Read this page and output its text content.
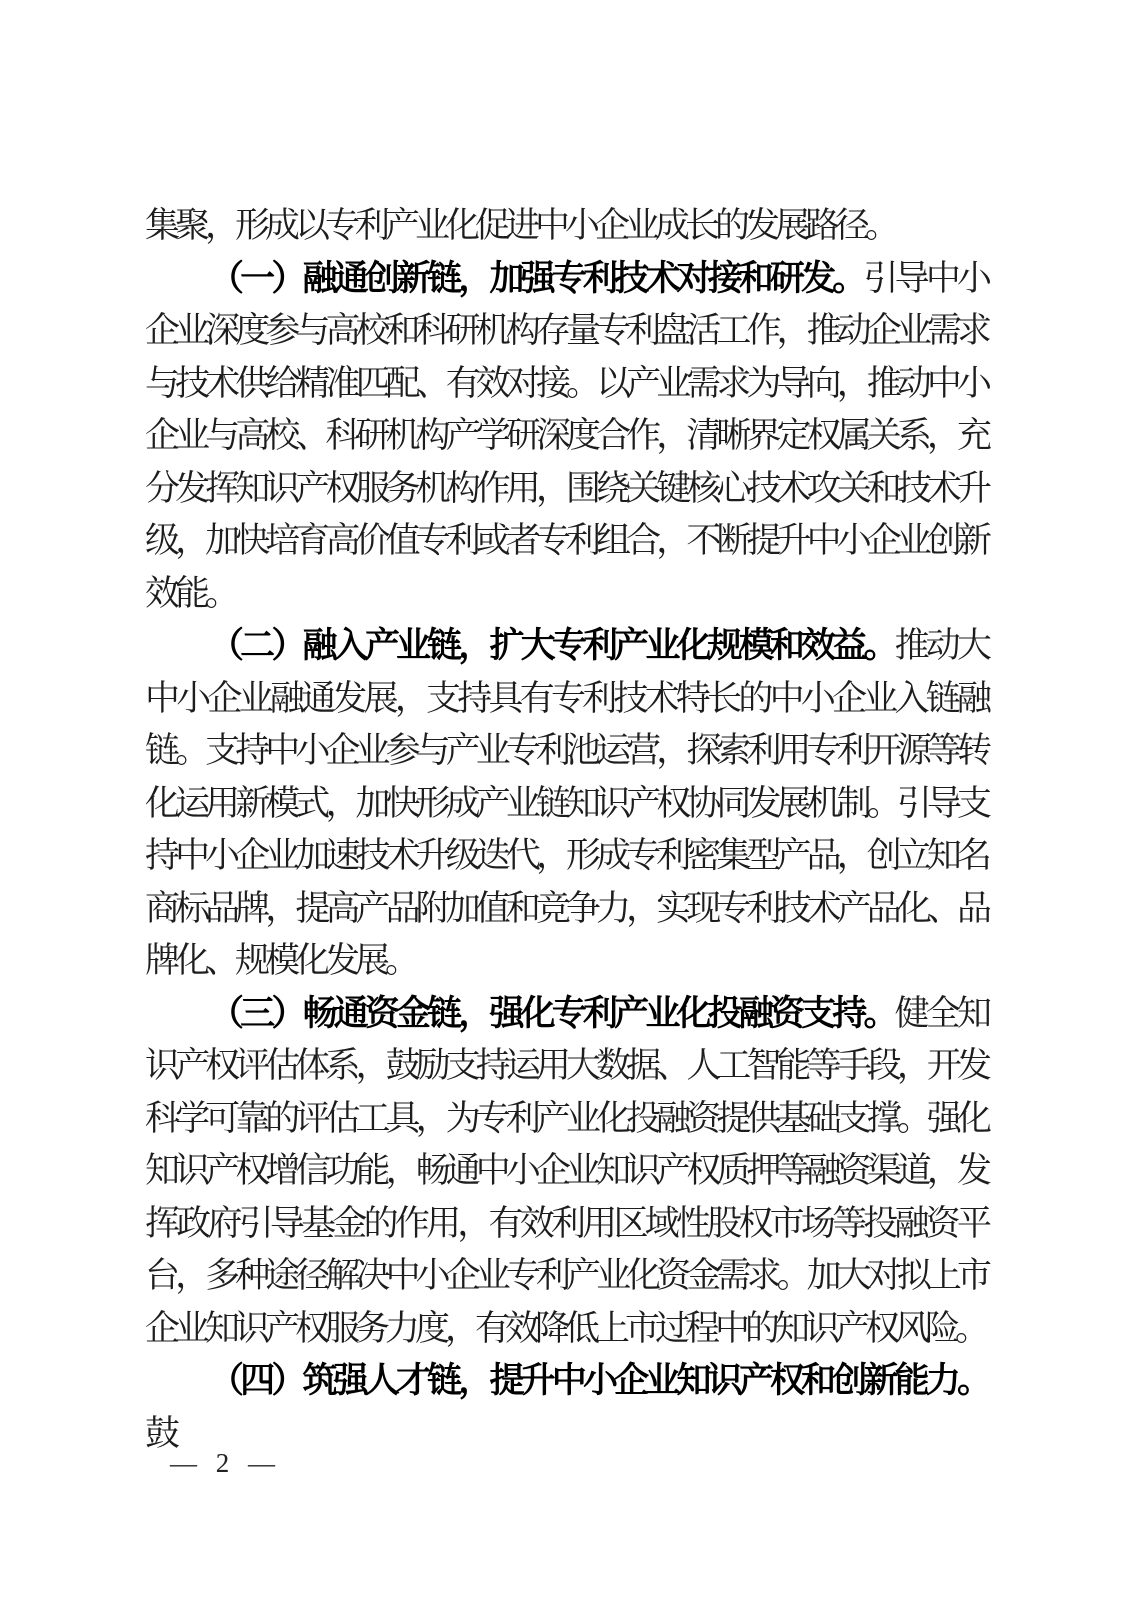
集聚，形成以专利产业化促进中小企业成长的发展路径。

（一）融通创新链，加强专利技术对接和研发。引导中小企业深度参与高校和科研机构存量专利盘活工作，推动企业需求与技术供给精准匹配、有效对接。以产业需求为导向，推动中小企业与高校、科研机构产学研深度合作，清晰界定权属关系，充分发挥知识产权服务机构作用，围绕关键核心技术攻关和技术升级，加快培育高价值专利或者专利组合，不断提升中小企业创新效能。

（二）融入产业链，扩大专利产业化规模和效益。推动大中小企业融通发展，支持具有专利技术特长的中小企业入链融链。支持中小企业参与产业专利池运营，探索利用专利开源等转化运用新模式，加快形成产业链知识产权协同发展机制。引导支持中小企业加速技术升级迭代，形成专利密集型产品，创立知名商标品牌，提高产品附加值和竞争力，实现专利技术产品化、品牌化、规模化发展。

（三）畅通资金链，强化专利产业化投融资支持。健全知识产权评估体系，鼓励支持运用大数据、人工智能等手段，开发科学可靠的评估工具，为专利产业化投融资提供基础支撑。强化知识产权增信功能，畅通中小企业知识产权质押等融资渠道，发挥政府引导基金的作用，有效利用区域性股权市场等投融资平台，多种途径解决中小企业专利产业化资金需求。加大对拟上市企业知识产权服务力度，有效降低上市过程中的知识产权风险。

（四）筑强人才链，提升中小企业知识产权和创新能力。鼓

— 2 —
